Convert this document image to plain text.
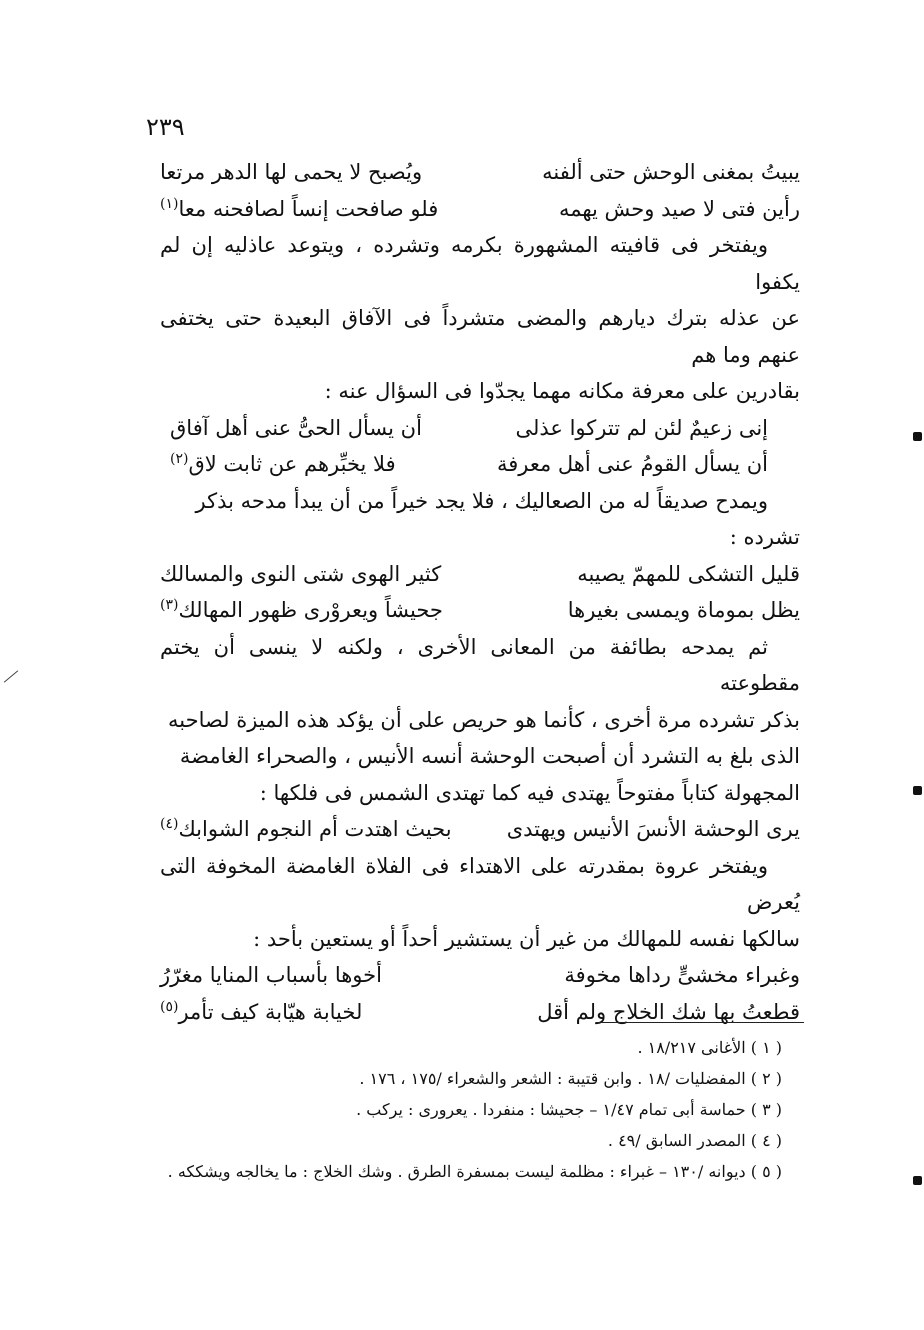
٢٣٩
يبيتُ بمغنى الوحش حتى ألفنه
ويُصبح لا يحمى لها الدهر مرتعا
رأين فتى لا صيد وحش يهمه
فلو صافحت إنساً لصافحنه معا$^{(١)}$

ويفتخر فى قافيته المشهورة بكرمه وتشرده ، ويتوعد عاذليه إن لم يكفوا

عن عذله بترك ديارهم والمضى متشرداً فى الآفاق البعيدة حتى يختفى عنهم وما هم

بقادرين على معرفة مكانه مهما يجدّوا فى السؤال عنه :

إنى زعيمٌ لئن لم تتركوا عذلى
أن يسأل الحىُّ عنى أهل آفاق
أن يسأل القومُ عنى أهل معرفة
فلا يخبِّرهم عن ثابت لاق$^{(٢)}$

ويمدح صديقاً له من الصعاليك ، فلا يجد خيراً من أن يبدأ مدحه بذكر

تشرده :

قليل التشكى للمهمّ يصيبه
كثير الهوى شتى النوى والمسالك
يظل بموماة ويمسى بغيرها
جحيشاً ويعروْرى ظهور المهالك$^{(٣)}$

ثم يمدحه بطائفة من المعانى الأخرى ، ولكنه لا ينسى أن يختم مقطوعته

بذكر تشرده مرة أخرى ، كأنما هو حريص على أن يؤكد هذه الميزة لصاحبه

الذى بلغ به التشرد أن أصبحت الوحشة أنسه الأنيس ، والصحراء الغامضة

المجهولة كتاباً مفتوحاً يهتدى فيه كما تهتدى الشمس فى فلكها :

يرى الوحشة الأنسَ الأنيس ويهتدى
بحيث اهتدت أم النجوم الشوابك$^{(٤)}$

ويفتخر عروة بمقدرته على الاهتداء فى الفلاة الغامضة المخوفة التى يُعرض

سالكها نفسه للمهالك من غير أن يستشير أحداً أو يستعين بأحد :

وغبراء مخشىٍّ رداها مخوفة
أخوها بأسباب المنايا مغرّرُ
قطعتُ بها شك الخلاج ولم أقل
لخيابة هيّابة كيف تأمر$^{(٥)}$

( ١ ) الأغانى ١٨/٢١٧ .

( ٢ ) المفضليات /١٨ . وابن قتيبة : الشعر والشعراء /١٧٥ ، ١٧٦ .

( ٣ ) حماسة أبى تمام ١/٤٧ – جحيشا : منفردا . يعرورى : يركب .

( ٤ ) المصدر السابق /٤٩ .

( ٥ ) ديوانه /١٣٠ – غبراء : مظلمة ليست بمسفرة الطرق . وشك الخلاج : ما يخالجه ويشككه .
